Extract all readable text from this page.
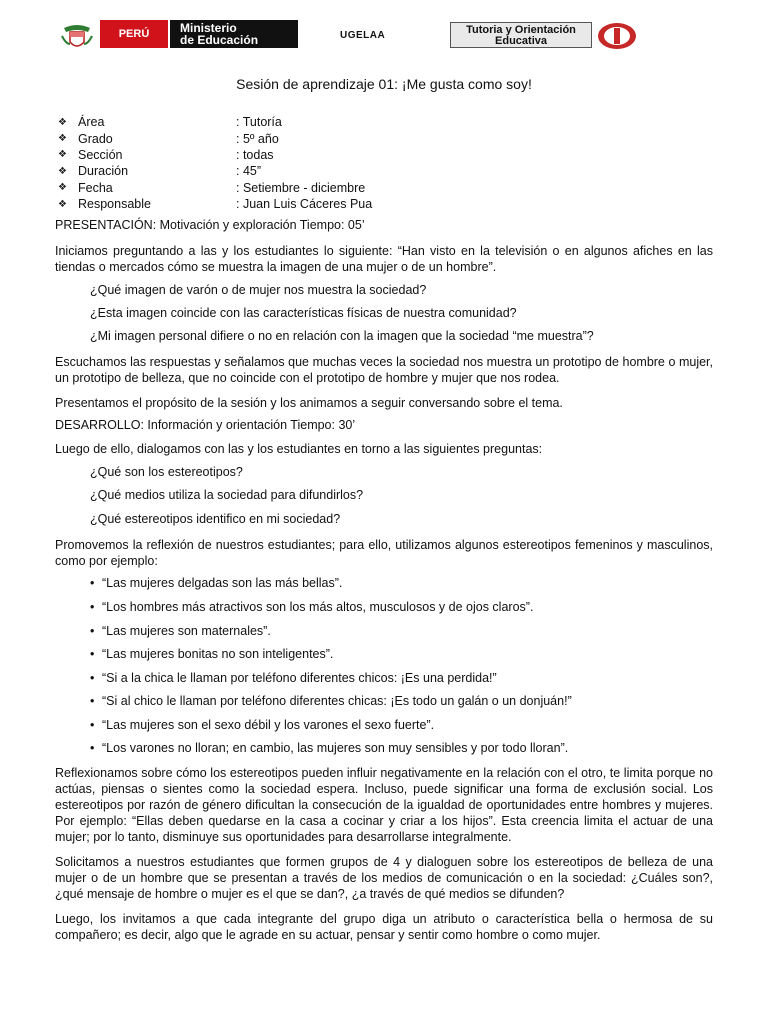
PERÚ	Ministerio
de Educación	UGELAA	Tutoria y Orientación
Educativa
Sesión de aprendizaje 01: ¡Me gusta como soy!
❖ Área	: Tutoría
❖ Grado	: 5º año
❖ Sección	: todas
❖ Duración	: 45”
❖ Fecha	: Setiembre - diciembre
❖ Responsable	: Juan Luis Cáceres Pua
PRESENTACIÓN: Motivación y exploración Tiempo: 05’
Iniciamos preguntando a las y los estudiantes lo siguiente: “Han visto en la televisión o en algunos afiches en las tiendas o mercados cómo se muestra la imagen de una mujer o de un hombre”.
¿Qué imagen de varón o de mujer nos muestra la sociedad?
¿Esta imagen coincide con las características físicas de nuestra comunidad?
¿Mi imagen personal difiere o no en relación con la imagen que la sociedad “me muestra”?
Escuchamos las respuestas y señalamos que muchas veces la sociedad nos muestra un prototipo de hombre o mujer, un prototipo de belleza, que no coincide con el prototipo de hombre y mujer que nos rodea.
Presentamos el propósito de la sesión y los animamos a seguir conversando sobre el tema.
DESARROLLO: Información y orientación Tiempo: 30’
Luego de ello, dialogamos con las y los estudiantes en torno a las siguientes preguntas:
¿Qué son los estereotipos?
¿Qué medios utiliza la sociedad para difundirlos?
¿Qué estereotipos identifico en mi sociedad?
Promovemos la reflexión de nuestros estudiantes; para ello, utilizamos algunos estereotipos femeninos y masculinos, como por ejemplo:
• “Las mujeres delgadas son las más bellas”.
• “Los hombres más atractivos son los más altos, musculosos y de ojos claros”.
• “Las mujeres son maternales”.
• “Las mujeres bonitas no son inteligentes”.
• “Si a la chica le llaman por teléfono diferentes chicos: ¡Es una perdida!”
• “Si al chico le llaman por teléfono diferentes chicas: ¡Es todo un galán o un donjuán!”
• “Las mujeres son el sexo débil y los varones el sexo fuerte”.
• “Los varones no lloran; en cambio, las mujeres son muy sensibles y por todo lloran”.
Reflexionamos sobre cómo los estereotipos pueden influir negativamente en la relación con el otro, te limita porque no actúas, piensas o sientes como la sociedad espera. Incluso, puede significar una forma de exclusión social. Los estereotipos por razón de género dificultan la consecución de la igualdad de oportunidades entre hombres y mujeres. Por ejemplo: “Ellas deben quedarse en la casa a cocinar y criar a los hijos”. Esta creencia limita el actuar de una mujer; por lo tanto, disminuye sus oportunidades para desarrollarse integralmente.
Solicitamos a nuestros estudiantes que formen grupos de 4 y dialoguen sobre los estereotipos de belleza de una mujer o de un hombre que se presentan a través de los medios de comunicación o en la sociedad: ¿Cuáles son?, ¿qué mensaje de hombre o mujer es el que se dan?, ¿a través de qué medios se difunden?
Luego, los invitamos a que cada integrante del grupo diga un atributo o característica bella o hermosa de su compañero; es decir, algo que le agrade en su actuar, pensar y sentir como hombre o como mujer.
